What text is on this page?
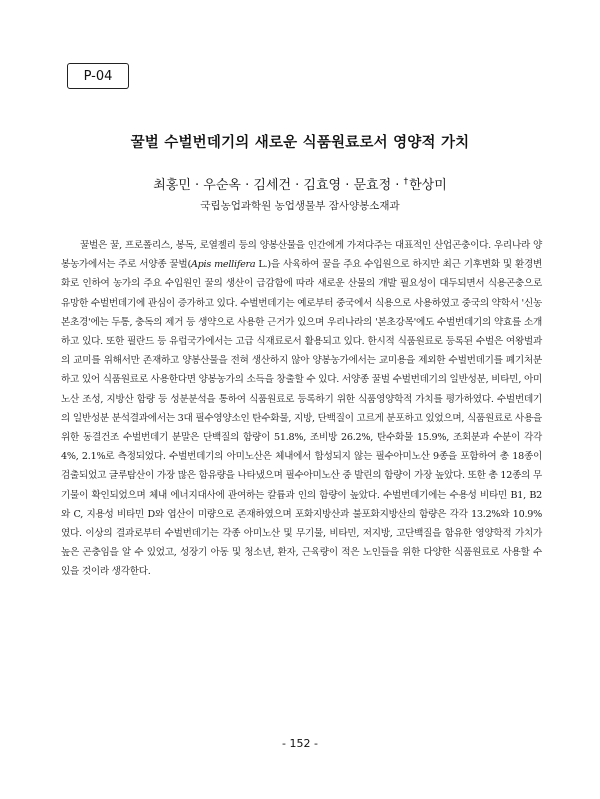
P-04
꿀벌 수벌번데기의 새로운 식품원료로서 영양적 가치
최홍민 · 우순옥 · 김세건 · 김효영 · 문효정 · †한상미
국립농업과학원 농업생물부 잠사양봉소재과

꿀벌은 꿀, 프로폴리스, 봉독, 로열젤리 등의 양봉산물을 인간에게 가져다주는 대표적인 산업곤충이다. 우리나라 양봉농가에서는 주로 서양종 꿀벌(Apis mellifera L.)을 사육하여 꿀을 주요 수입원으로 하지만 최근 기후변화 및 환경변화로 인하여 농가의 주요 수입원인 꿀의 생산이 급감함에 따라 새로운 산물의 개발 필요성이 대두되면서 식용곤충으로 유망한 수벌번데기에 관심이 증가하고 있다. 수벌번데기는 예로부터 중국에서 식용으로 사용하였고 중국의 약학서 '신농본초경'에는 두통, 충독의 제거 등 생약으로 사용한 근거가 있으며 우리나라의 '본초강목'에도 수벌번데기의 약효를 소개하고 있다. 또한 필란드 등 유럽국가에서는 고급 식재료로서 활용되고 있다. 한시적 식품원료로 등록된 수벌은 여왕벌과의 교미를 위해서만 존재하고 양봉산물을 전혀 생산하지 않아 양봉농가에서는 교미용을 제외한 수벌번데기를 폐기처분하고 있어 식품원료로 사용한다면 양봉농가의 소득을 창출할 수 있다. 서양종 꿀벌 수벌번데기의 일반성분, 비타민, 아미노산 조성, 지방산 함량 등 성분분석을 통하여 식품원료로 등록하기 위한 식품영양학적 가치를 평가하였다. 수벌번데기의 일반성분 분석결과에서는 3대 필수영양소인 탄수화물, 지방, 단백질이 고르게 분포하고 있었으며, 식품원료로 사용을 위한 동결건조 수벌번데기 분말은 단백질의 함량이 51.8%, 조비방 26.2%, 탄수화물 15.9%, 조회분과 수분이 각각 4%, 2.1%로 측정되었다. 수벌번데기의 아미노산은 체내에서 합성되지 않는 필수아미노산 9종을 포함하여 총 18종이 검출되었고 글루탐산이 가장 많은 함유량을 나타냈으며 필수아미노산 중 발린의 함량이 가장 높았다. 또한 총 12종의 무기물이 확인되었으며 체내 에너지대사에 관여하는 칼륨과 인의 함량이 높았다. 수벌번데기에는 수용성 비타민 B1, B2와 C, 지용성 비타민 D와 엽산이 미량으로 존재하였으며 포화지방산과 불포화지방산의 함량은 각각 13.2%와 10.9% 였다. 이상의 결과로부터 수벌번데기는 각종 아미노산 및 무기물, 비타민, 저지방, 고단백질을 함유한 영양학적 가치가 높은 곤충임을 알 수 있었고, 성장기 아동 및 청소년, 환자, 근육량이 적은 노인들을 위한 다양한 식품원료로 사용할 수 있을 것이라 생각한다.

- 152 -
